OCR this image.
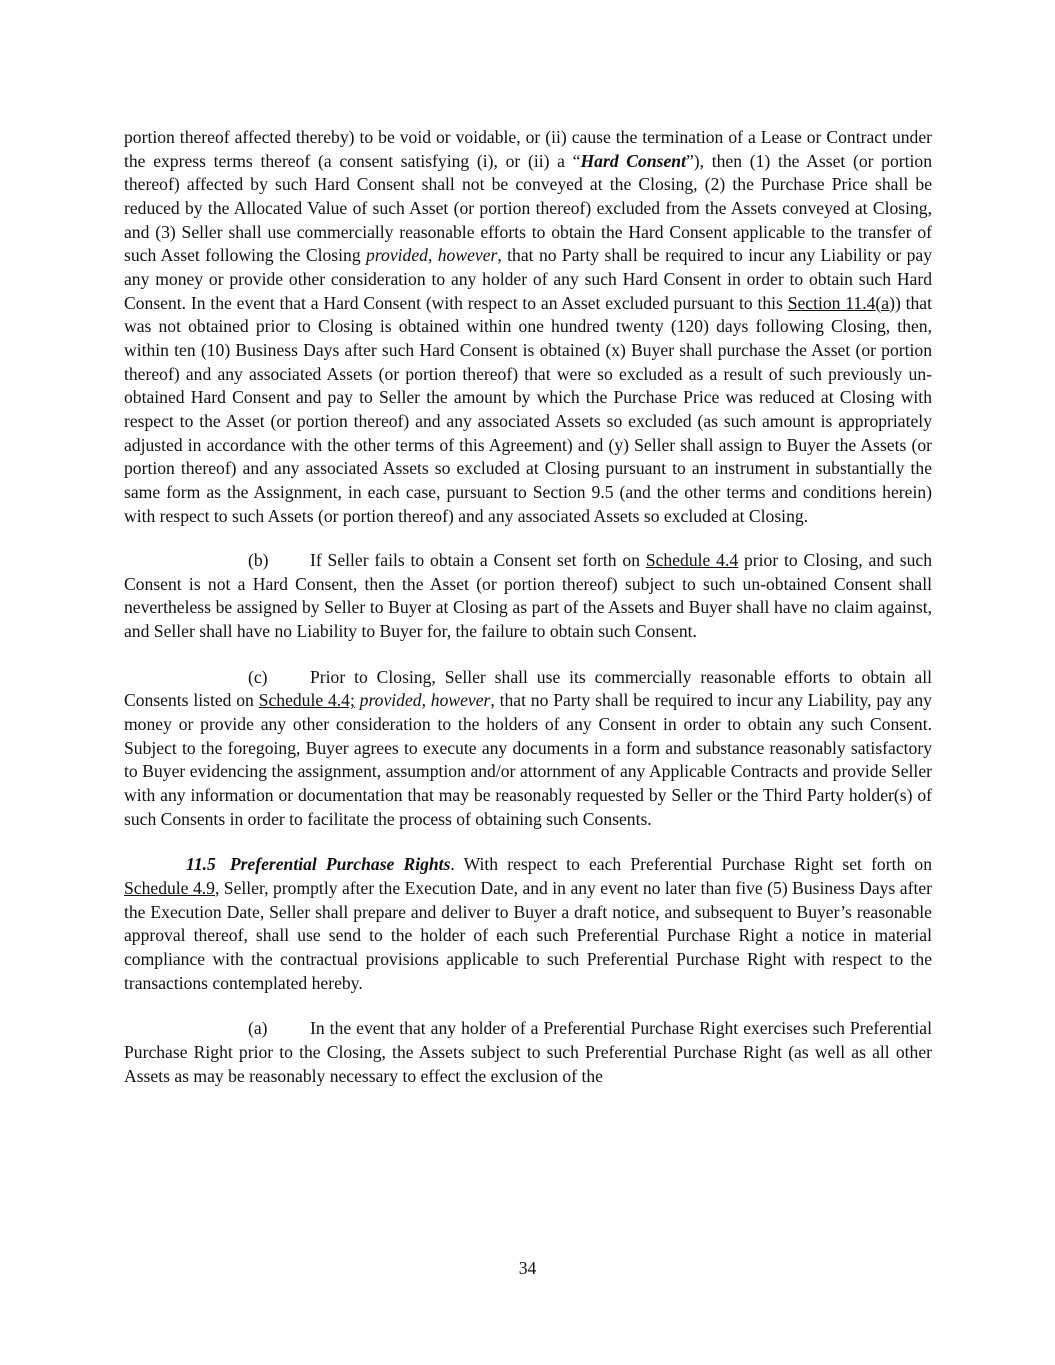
portion thereof affected thereby) to be void or voidable, or (ii) cause the termination of a Lease or Contract under the express terms thereof (a consent satisfying (i), or (ii) a “Hard Consent”), then (1) the Asset (or portion thereof) affected by such Hard Consent shall not be conveyed at the Closing, (2) the Purchase Price shall be reduced by the Allocated Value of such Asset (or portion thereof) excluded from the Assets conveyed at Closing, and (3) Seller shall use commercially reasonable efforts to obtain the Hard Consent applicable to the transfer of such Asset following the Closing provided, however, that no Party shall be required to incur any Liability or pay any money or provide other consideration to any holder of any such Hard Consent in order to obtain such Hard Consent. In the event that a Hard Consent (with respect to an Asset excluded pursuant to this Section 11.4(a)) that was not obtained prior to Closing is obtained within one hundred twenty (120) days following Closing, then, within ten (10) Business Days after such Hard Consent is obtained (x) Buyer shall purchase the Asset (or portion thereof) and any associated Assets (or portion thereof) that were so excluded as a result of such previously un-obtained Hard Consent and pay to Seller the amount by which the Purchase Price was reduced at Closing with respect to the Asset (or portion thereof) and any associated Assets so excluded (as such amount is appropriately adjusted in accordance with the other terms of this Agreement) and (y) Seller shall assign to Buyer the Assets (or portion thereof) and any associated Assets so excluded at Closing pursuant to an instrument in substantially the same form as the Assignment, in each case, pursuant to Section 9.5 (and the other terms and conditions herein) with respect to such Assets (or portion thereof) and any associated Assets so excluded at Closing.

(b) If Seller fails to obtain a Consent set forth on Schedule 4.4 prior to Closing, and such Consent is not a Hard Consent, then the Asset (or portion thereof) subject to such un-obtained Consent shall nevertheless be assigned by Seller to Buyer at Closing as part of the Assets and Buyer shall have no claim against, and Seller shall have no Liability to Buyer for, the failure to obtain such Consent.

(c) Prior to Closing, Seller shall use its commercially reasonable efforts to obtain all Consents listed on Schedule 4.4; provided, however, that no Party shall be required to incur any Liability, pay any money or provide any other consideration to the holders of any Consent in order to obtain any such Consent. Subject to the foregoing, Buyer agrees to execute any documents in a form and substance reasonably satisfactory to Buyer evidencing the assignment, assumption and/or attornment of any Applicable Contracts and provide Seller with any information or documentation that may be reasonably requested by Seller or the Third Party holder(s) of such Consents in order to facilitate the process of obtaining such Consents.

11.5 Preferential Purchase Rights. With respect to each Preferential Purchase Right set forth on Schedule 4.9, Seller, promptly after the Execution Date, and in any event no later than five (5) Business Days after the Execution Date, Seller shall prepare and deliver to Buyer a draft notice, and subsequent to Buyer’s reasonable approval thereof, shall use send to the holder of each such Preferential Purchase Right a notice in material compliance with the contractual provisions applicable to such Preferential Purchase Right with respect to the transactions contemplated hereby.

(a) In the event that any holder of a Preferential Purchase Right exercises such Preferential Purchase Right prior to the Closing, the Assets subject to such Preferential Purchase Right (as well as all other Assets as may be reasonably necessary to effect the exclusion of the

34
